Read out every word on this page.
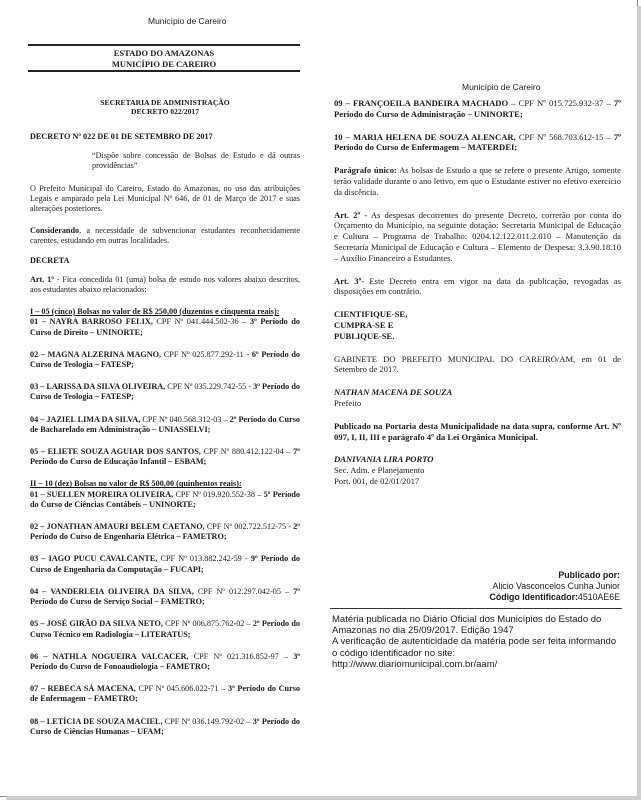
Município de Careiro
Município de Careiro
ESTADO DO AMAZONAS
MUNICÍPIO DE CAREIRO
SECRETARIA DE ADMINISTRAÇÃO
DECRETO 022/2017

DECRETO Nº 022 DE 01 DE SETEMBRO DE 2017

“Dispõe sobre concessão de Bolsas de Estudo e dá outras providências”

O Prefeito Municipal do Careiro, Estado do Amazonas, no uso das atribuições Legais e amparado pela Lei Municipal Nº 646, de 01 de Março de 2017 e suas alterações posteriores.

Considerando, a necessidade de subvencionar estudantes reconhecidamente carentes, estudando em outras localidades.

DECRETA

Art. 1º - Fica concedida 01 (uma) bolsa de estudo nos valores abaixo descritos, aos estudantes abaixo relacionados:

I – 05 (cinco) Bolsas no valor de R$ 250,00 (duzentos e cinquenta reais):

01 – NAYRA BARROSO FELIX, CPF Nº 041.444.502-36 – 3º Período do Curso de Direito – UNINORTE;

02 – MAGNA ALZERINA MAGNO, CPF Nº 025.877.292-11 - 6º Período do Curso de Teologia – FATESP;

03 – LARISSA DA SILVA OLIVEIRA, CPF Nº 035.229.742-55 - 3º Período do Curso de Teologia – FATESP;

04 – JAZIEL LIMA DA SILVA, CPF Nº 040.568.312-03 – 2º Período do Curso de Bacharelado em Administração – UNIASSELVI;

05 – ELIETE SOUZA AGUIAR DOS SANTOS, CPF Nº 880.412.122-04 – 7º Período do Curso de Educação Infantil – ESBAM;

II – 10 (dez) Bolsas no valor de R$ 500,00 (quinhentos reais):

01 – SUELLEN MOREIRA OLIVEIRA, CPF Nº 019.920.552-38 – 5º Período do Curso de Ciências Contábeis – UNINORTE;

02 – JONATHAN AMAURI BELEM CAETANO, CPF Nº 002.722.512-75 - 2º Período do Curso de Engenharia Elétrica – FAMETRO;

03 – IAGO PUCU CAVALCANTE, CPF Nº 013.882.242-59 - 9º Período do Curso de Engenharia da Computação – FUCAPI;

04 – VANDERLEIA OLIVEIRA DA SILVA, CPF Nº 012.297.042-05 – 7º Período do Curso de Serviço Social – FAMETRO;

05 – JOSÉ GIRÃO DA SILVA NETO, CPF Nº 006.875.762-02 – 2º Período do Curso Técnico em Radiologia – LITERATUS;

06 – NATHLA NOGUEIRA VALCACER, CPF Nº 021.316.852-97 – 3º Período do Curso de Fonoaudiologia – FAMETRO;

07 – REBECA SÁ MACENA, CPF Nº 045.606.022-71 – 3º Período do Curso de Enfermagem – FAMETRO;

08 – LETÍCIA DE SOUZA MACIEL, CPF Nº 036.149.792-02 – 3º Período do Curso de Ciências Humanas – UFAM;

09 – FRANÇOEILA BANDEIRA MACHADO – CPF Nº 015.725.932-37 – 7º Período do Curso de Administração – UNINORTE;

10 – MARIA HELENA DE SOUZA ALENCAR, CPF Nº 568.703.612-15 – 7º Período do Curso de Enfermagem – MATERDEI;

Parágrafo único: As bolsas de Estudo a que se refere o presente Artigo, somente terão validade durante o ano letivo, em que o Estudante estiver no efetivo exercício da discência.

Art. 2º - As despesas decorrentes do presente Decreto, correrão por conta do Orçamento do Município, na seguinte dotação: Secretaria Municipal de Educação e Cultura – Programa de Trabalho: 0204.12.122.011.2.010 – Manutenção da Secretaria Municipal de Educação e Cultura – Elemento de Despesa: 3.3.90.18.10 – Auxílio Financeiro a Estudantes.

Art. 3º- Este Decreto entra em vigor na data da publicação, revogadas as disposições em contrário.

CIENTIFIQUE-SE,
CUMPRA-SE E
PUBLIQUE-SE.

GABINETE DO PREFEITO MUNICIPAL DO CAREIRO/AM, em 01 de Setembro de 2017.

NATHAN MACENA DE SOUZA

Prefeito

Publicado na Portaria desta Municipalidade na data supra, conforme Art. Nº 097, I, II, III e parágrafo 4º da Lei Orgânica Municipal.

DANIVANIA LIRA PORTO

Sec. Adm. e Planejamento

Port. 001, de 02/01/2017

Publicado por:
Alicio Vasconcelos Cunha Junior
Código Identificador:4510AE6E
Matéria publicada no Diário Oficial dos Municípios do Estado do Amazonas no dia 25/09/2017. Edição 1947
A verificação de autenticidade da matéria pode ser feita informando o código identificador no site:
http://www.diariomunicipal.com.br/aam/
